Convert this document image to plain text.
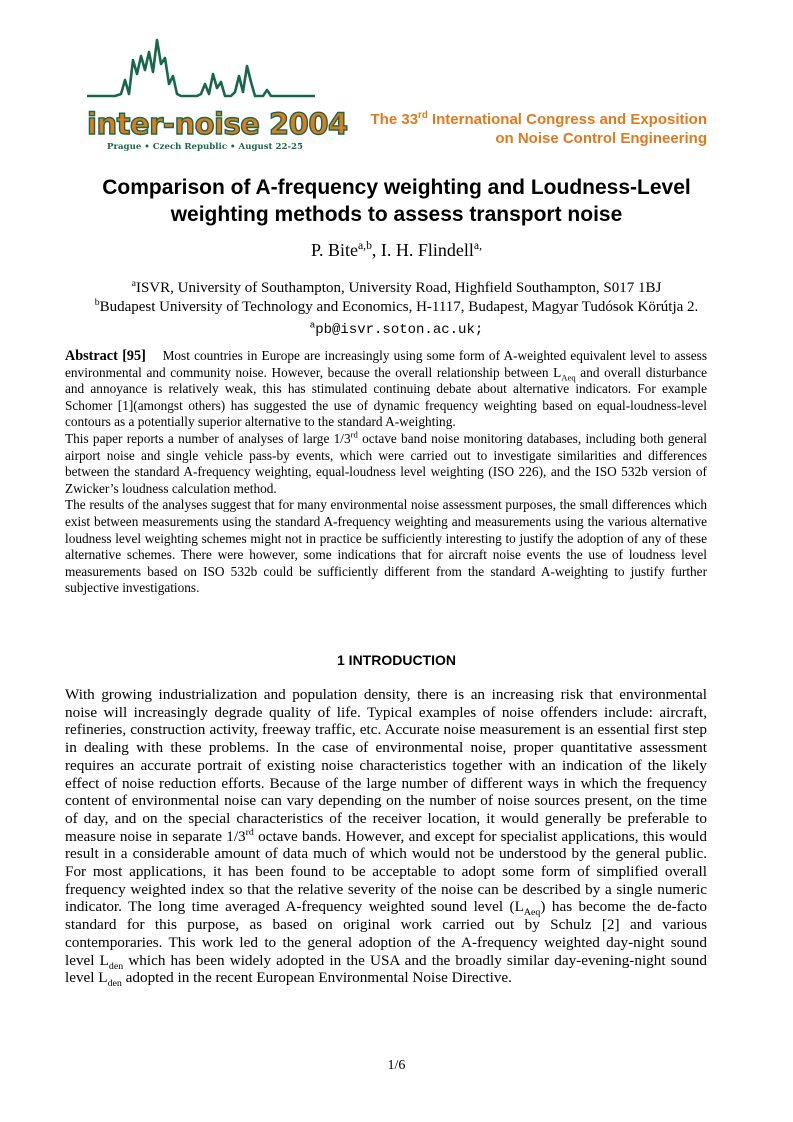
inter-noise 2004
Prague • Czech Republic • August 22-25
The 33rd International Congress and Exposition
on Noise Control Engineering
Comparison of A-frequency weighting and Loudness-Level
weighting methods to assess transport noise
P. Bite$^{a,b}$, I. H. Flindell$^{a,}$
$^a$ISVR, University of Southampton, University Road, Highfield Southampton, S017 1BJ
$^b$Budapest University of Technology and Economics, H-1117, Budapest, Magyar Tudósok Körútja 2.
$^a$pb@isvr.soton.ac.uk;

Abstract [95] Most countries in Europe are increasingly using some form of A-weighted equivalent level to assess environmental and community noise. However, because the overall relationship between $L_{Aeq}$ and overall disturbance and annoyance is relatively weak, this has stimulated continuing debate about alternative indicators. For example Schomer [1](amongst others) has suggested the use of dynamic frequency weighting based on equal-loudness-level contours as a potentially superior alternative to the standard A-weighting.

This paper reports a number of analyses of large 1/3rd octave band noise monitoring databases, including both general airport noise and single vehicle pass-by events, which were carried out to investigate similarities and differences between the standard A-frequency weighting, equal-loudness level weighting (ISO 226), and the ISO 532b version of Zwicker’s loudness calculation method.

The results of the analyses suggest that for many environmental noise assessment purposes, the small differences which exist between measurements using the standard A-frequency weighting and measurements using the various alternative loudness level weighting schemes might not in practice be sufficiently interesting to justify the adoption of any of these alternative schemes. There were however, some indications that for aircraft noise events the use of loudness level measurements based on ISO 532b could be sufficiently different from the standard A-weighting to justify further subjective investigations.

1 INTRODUCTION

With growing industrialization and population density, there is an increasing risk that environmental noise will increasingly degrade quality of life. Typical examples of noise offenders include: aircraft, refineries, construction activity, freeway traffic, etc. Accurate noise measurement is an essential first step in dealing with these problems. In the case of environmental noise, proper quantitative assessment requires an accurate portrait of existing noise characteristics together with an indication of the likely effect of noise reduction efforts. Because of the large number of different ways in which the frequency content of environmental noise can vary depending on the number of noise sources present, on the time of day, and on the special characteristics of the receiver location, it would generally be preferable to measure noise in separate 1/3rd octave bands. However, and except for specialist applications, this would result in a considerable amount of data much of which would not be understood by the general public. For most applications, it has been found to be acceptable to adopt some form of simplified overall frequency weighted index so that the relative severity of the noise can be described by a single numeric indicator. The long time averaged A-frequency weighted sound level $(L_{Aeq})$ has become the de-facto standard for this purpose, as based on original work carried out by Schulz [2] and various contemporaries. This work led to the general adoption of the A-frequency weighted day-night sound level $L_{den}$ which has been widely adopted in the USA and the broadly similar day-evening-night sound level $L_{den}$ adopted in the recent European Environmental Noise Directive.

1/6
